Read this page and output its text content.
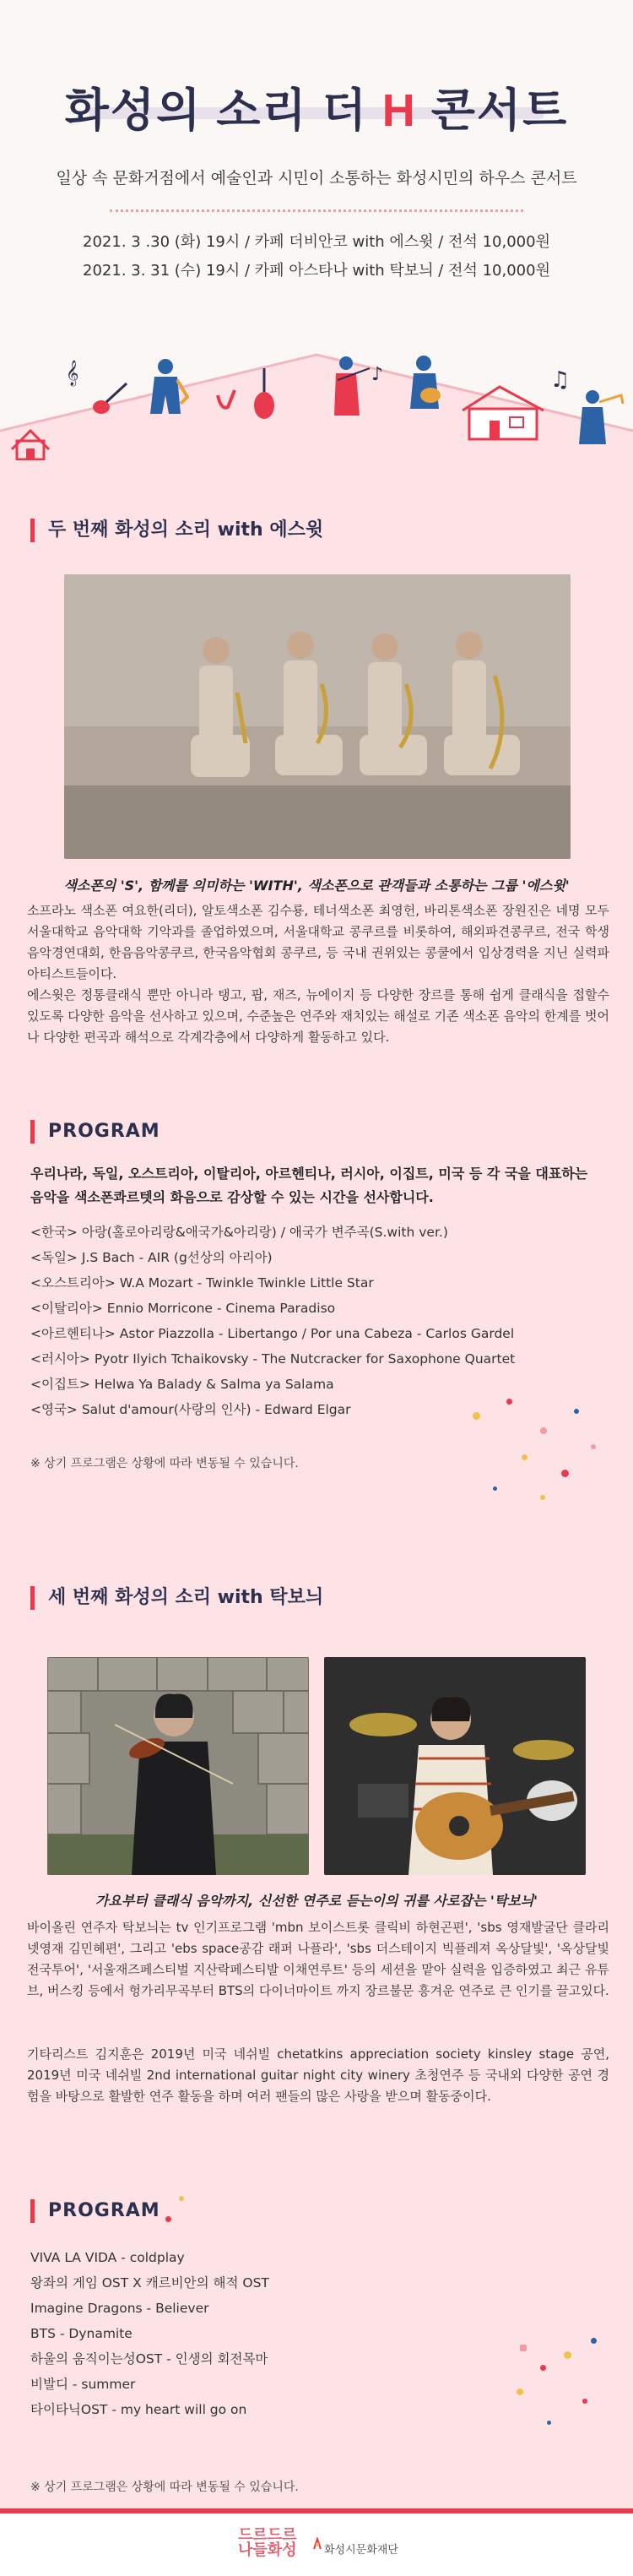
화성의 소리 더 H 콘서트
일상 속 문화거점에서 예술인과 시민이 소통하는 화성시민의 하우스 콘서트
2021. 3 .30 (화) 19시 / 카페 더비안코 with 에스윗 / 전석 10,000원
2021. 3. 31 (수) 19시 / 카페 아스타나 with 탁보늬 / 전석 10,000원
𝄞	♪	♫
두 번째 화성의 소리 with 에스윗
색소폰의 'S', 함께를 의미하는 'WITH', 색소폰으로 관객들과 소통하는 그룹 '에스윗'
소프라노 색소폰 여요한(리더), 알토색소폰 김수룡, 테너색소폰 최영헌, 바리톤색소폰 장원진은 네명 모두 서울대학교 음악대학 기악과를 졸업하였으며, 서울대학교 콩쿠르를 비롯하여, 해외파견콩쿠르, 전국 학생음악경연대회, 한음음악콩쿠르, 한국음악협회 콩쿠르, 등 국내 권위있는 콩쿨에서 입상경력을 지닌 실력파 아티스트들이다.
에스윗은 정통클래식 뿐만 아니라 탱고, 팝, 재즈, 뉴에이지 등 다양한 장르를 통해 쉽게 클래식을 접할수 있도록 다양한 음악을 선사하고 있으며, 수준높은 연주와 재치있는 해설로 기존 색소폰 음악의 한계를 벗어나 다양한 편곡과 해석으로 각계각층에서 다양하게 활동하고 있다.
PROGRAM
우리나라, 독일, 오스트리아, 이탈리아, 아르헨티나, 러시아, 이집트, 미국 등 각 국을 대표하는 음악을 색소폰콰르텟의 화음으로 감상할 수 있는 시간을 선사합니다.
<한국> 아랑(홀로아리랑&애국가&아리랑) / 애국가 변주곡(S.with ver.)
<독일> J.S Bach - AIR (g선상의 아리아)
<오스트리아> W.A Mozart - Twinkle Twinkle Little Star
<이탈리아> Ennio Morricone - Cinema Paradiso
<아르헨티나> Astor Piazzolla - Libertango / Por una Cabeza - Carlos Gardel
<러시아> Pyotr Ilyich Tchaikovsky - The Nutcracker for Saxophone Quartet
<이집트> Helwa Ya Balady & Salma ya Salama
<영국> Salut d'amour(사랑의 인사) - Edward Elgar
※ 상기 프로그램은 상황에 따라 변동될 수 있습니다.
세 번째 화성의 소리 with 탁보늬
가요부터 클래식 음악까지, 신선한 연주로 듣는이의 귀를 사로잡는 '탁보늬'
바이올린 연주자 탁보늬는 tv 인기프로그램 'mbn 보이스트롯 클릭비 하현곤편', 'sbs 영재발굴단 클라리넷영재 김민혜편', 그리고 'ebs space공감 래퍼 나플라', 'sbs 더스테이지 빅플레져 옥상달빛', '옥상달빛 전국투어', '서울재즈페스티벌 지산락페스티발 이채연루트' 등의 세션을 맡아 실력을 입증하였고 최근 유튜브, 버스킹 등에서 헝가리무곡부터 BTS의 다이너마이트 까지 장르불문 흥겨운 연주로 큰 인기를 끌고있다.
기타리스트 김지훈은 2019년 미국 네쉬빌 chetatkins appreciation society kinsley stage 공연, 2019년 미국 네쉬빌 2nd international guitar night city winery 초청연주 등 국내외 다양한 공연 경험을 바탕으로 활발한 연주 활동을 하며 여러 팬들의 많은 사랑을 받으며 활동중이다.
PROGRAM
VIVA LA VIDA - coldplay
왕좌의 게임 OST X 캐르비안의 해적 OST
Imagine Dragons - Believer
BTS - Dynamite
하울의 움직이는성OST - 인생의 회전목마
비발디 - summer
타이타닉OST - my heart will go on
※ 상기 프로그램은 상황에 따라 변동될 수 있습니다.
드르드르
나들화성 화성시문화재단
